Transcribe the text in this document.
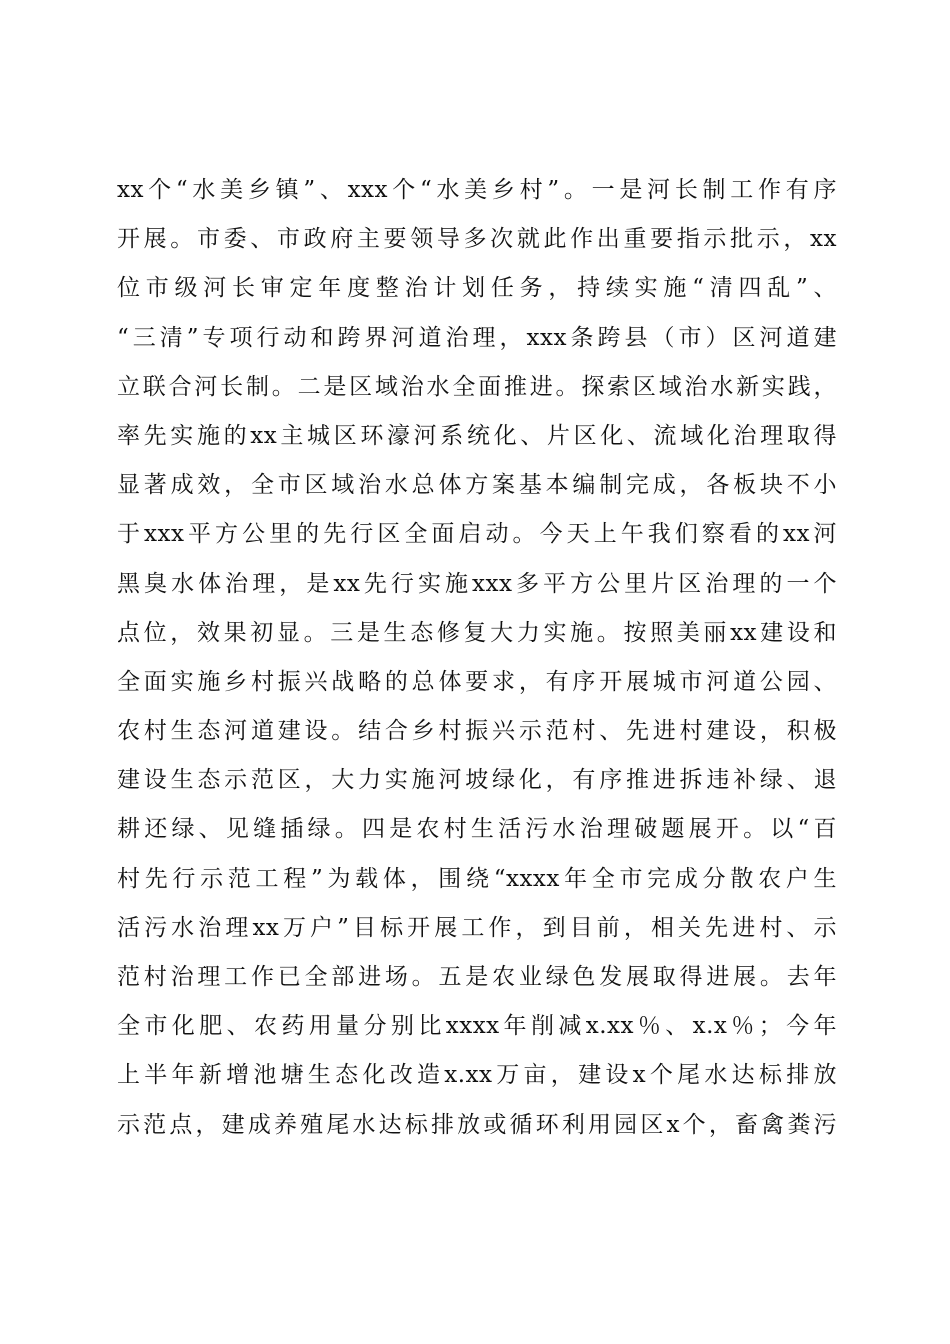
xx个“水美乡镇”、xxx个“水美乡村”。一是河长制工作有序
开展。市委、市政府主要领导多次就此作出重要指示批示，xx
位市级河长审定年度整治计划任务，持续实施“清四乱”、
“三清”专项行动和跨界河道治理，xxx条跨县（市）区河道建
立联合河长制。二是区域治水全面推进。探索区域治水新实践，
率先实施的xx主城区环濠河系统化、片区化、流域化治理取得
显著成效，全市区域治水总体方案基本编制完成，各板块不小
于xxx平方公里的先行区全面启动。今天上午我们察看的xx河
黑臭水体治理，是xx先行实施xxx多平方公里片区治理的一个
点位，效果初显。三是生态修复大力实施。按照美丽xx建设和
全面实施乡村振兴战略的总体要求，有序开展城市河道公园、
农村生态河道建设。结合乡村振兴示范村、先进村建设，积极
建设生态示范区，大力实施河坡绿化，有序推进拆违补绿、退
耕还绿、见缝插绿。四是农村生活污水治理破题展开。以“百
村先行示范工程”为载体，围绕“xxxx年全市完成分散农户生
活污水治理xx万户”目标开展工作，到目前，相关先进村、示
范村治理工作已全部进场。五是农业绿色发展取得进展。去年
全市化肥、农药用量分别比xxxx年削减x.xx％、x.x％；今年
上半年新增池塘生态化改造x.xx万亩，建设x个尾水达标排放
示范点，建成养殖尾水达标排放或循环利用园区x个，畜禽粪污
